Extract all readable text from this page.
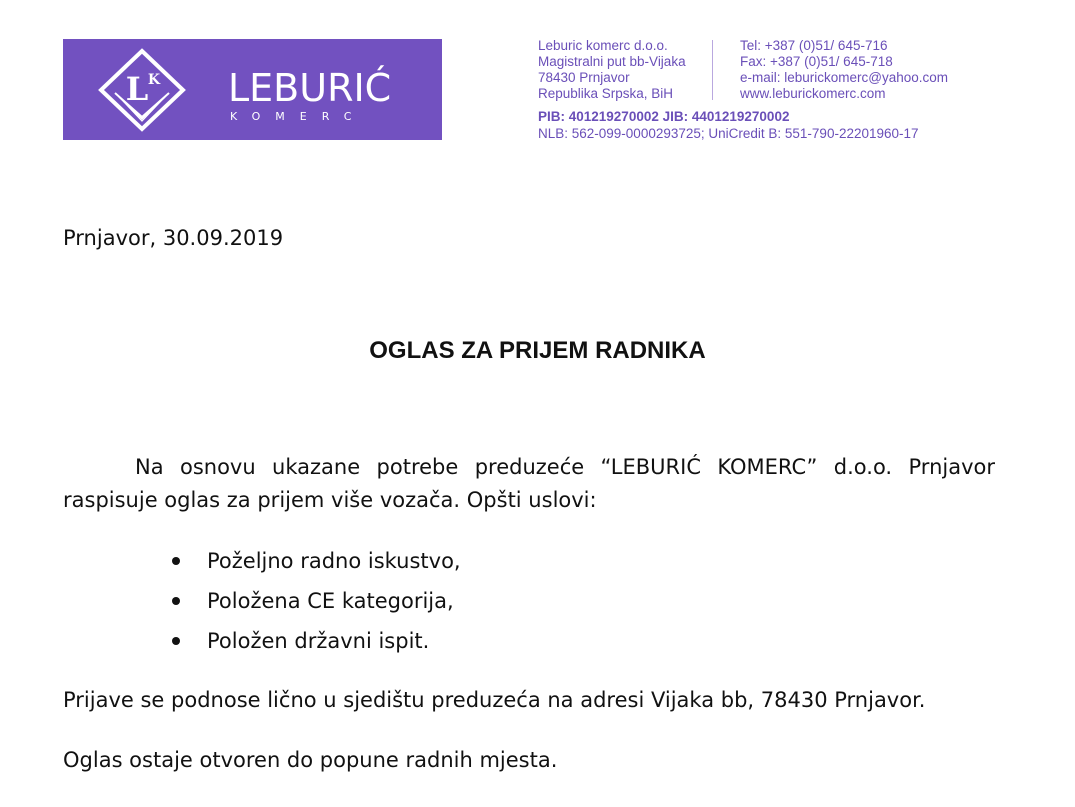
L K LEBURIĆ
KOMERC
Leburic komerc d.o.o.
Magistralni put bb-Vijaka
78430 Prnjavor
Republika Srpska, BiH
Tel: +387 (0)51/ 645-716
Fax: +387 (0)51/ 645-718
e-mail: leburickomerc@yahoo.com
www.leburickomerc.com
PIB: 401219270002 JIB: 4401219270002
NLB: 562-099-0000293725; UniCredit B: 551-790-22201960-17
Prnjavor, 30.09.2019
OGLAS ZA PRIJEM RADNIKA
Na osnovu ukazane potrebe preduzeće “LEBURIĆ KOMERC” d.o.o. Prnjavor raspisuje oglas za prijem više vozača. Opšti uslovi:
Poželjno radno iskustvo,
Položena CE kategorija,
Položen državni ispit.
Prijave se podnose lično u sjedištu preduzeća na adresi Vijaka bb, 78430 Prnjavor.
Oglas ostaje otvoren do popune radnih mjesta.
